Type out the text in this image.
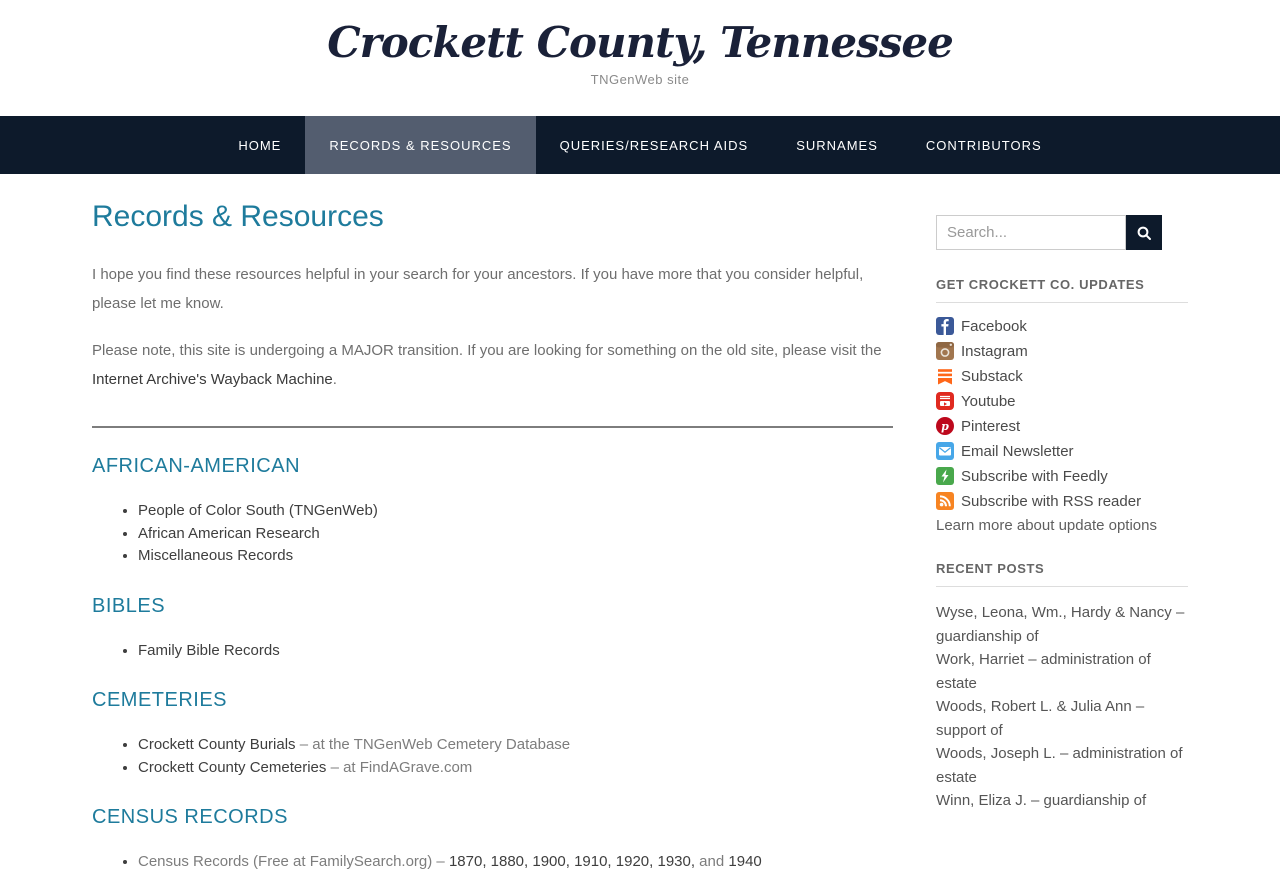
Crockett County, Tennessee
TNGenWeb site
HOME	RECORDS & RESOURCES	QUERIES/RESEARCH AIDS	SURNAMES	CONTRIBUTORS
Records & Resources

I hope you find these resources helpful in your search for your ancestors. If you have more that you consider helpful, please let me know.

Please note, this site is undergoing a MAJOR transition. If you are looking for something on the old site, please visit the Internet Archive's Wayback Machine.

AFRICAN-AMERICAN
• People of Color South (TNGenWeb)
• African American Research
• Miscellaneous Records
BIBLES
• Family Bible Records
CEMETERIES
• Crockett County Burials – at the TNGenWeb Cemetery Database
• Crockett County Cemeteries – at FindAGrave.com
CENSUS RECORDS
• Census Records (Free at FamilySearch.org) – 1870, 1880, 1900, 1910, 1920, 1930, and 1940
Search...
GET CROCKETT CO. UPDATES
Facebook
Instagram
Substack
Youtube
p Pinterest
Email Newsletter
Subscribe with Feedly
Subscribe with RSS reader

Learn more about update options

RECENT POSTS
Wyse, Leona, Wm., Hardy & Nancy – guardianship of
Work, Harriet – administration of estate
Woods, Robert L. & Julia Ann – support of
Woods, Joseph L. – administration of estate
Winn, Eliza J. – guardianship of
